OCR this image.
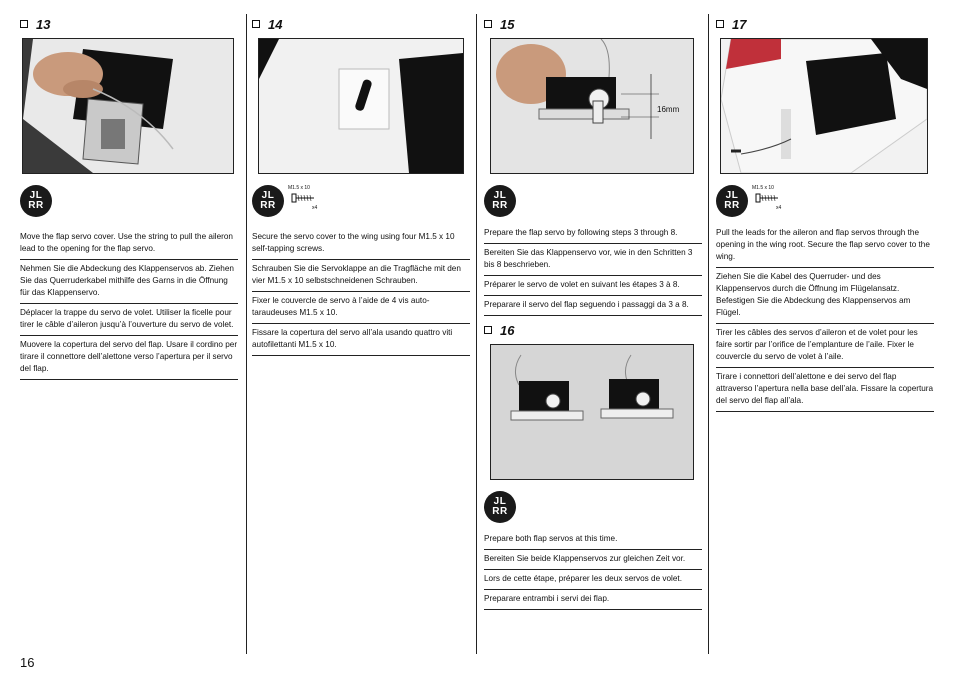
13
JL
RR
Move the flap servo cover. Use the string to pull the aileron lead to the opening for the flap servo.
Nehmen Sie die Abdeckung des Klappenservos ab. Ziehen Sie das Querruderkabel mithilfe des Garns in die Öffnung für das Klappenservo.
Déplacer la trappe du servo de volet. Utiliser la ficelle pour tirer le câble d’aileron jusqu’à l’ouverture du servo de volet.
Muovere la copertura del servo del flap. Usare il cordino per tirare il connettore dell’alettone verso l’apertura per il servo del flap.
14
JL
RR
M1.5 x 10
x4
Secure the servo cover to the wing using four M1.5 x 10 self-tapping screws.
Schrauben Sie die Servoklappe an die Tragfläche mit den vier M1.5 x 10 selbstschneidenen Schrauben.
Fixer le couvercle de servo à l’aide de 4 vis auto-taraudeuses M1.5 x 10.
Fissare la copertura del servo all’ala usando quattro viti autofilettanti M1.5 x 10.
15
16mm
JL
RR
Prepare the flap servo by following steps 3 through 8.
Bereiten Sie das Klappenservo vor, wie in den Schritten 3 bis 8 beschrieben.
Préparer le servo de volet en suivant les étapes 3 à 8.
Preparare il servo del flap seguendo i passaggi da 3 a 8.
16
JL
RR
Prepare both flap servos at this time.
Bereiten Sie beide Klappenservos zur gleichen Zeit vor.
Lors de cette étape, préparer les deux servos de volet.
Preparare entrambi i servi dei flap.
17
JL
RR
M1.5 x 10
x4
Pull the leads for the aileron and flap servos through the opening in the wing root. Secure the flap servo cover to the wing.
Ziehen Sie die Kabel des Querruder- und des Klappenservos durch die Öffnung im Flügelansatz. Befestigen Sie die Abdeckung des Klappenservos am Flügel.
Tirer les câbles des servos d’aileron et de volet pour les faire sortir par l’orifice de l’emplanture de l’aile. Fixer le couvercle du servo de volet à l’aile.
Tirare i connettori dell’alettone e dei servo del flap attraverso l’apertura nella base dell’ala. Fissare la copertura del servo del flap all’ala.
16
